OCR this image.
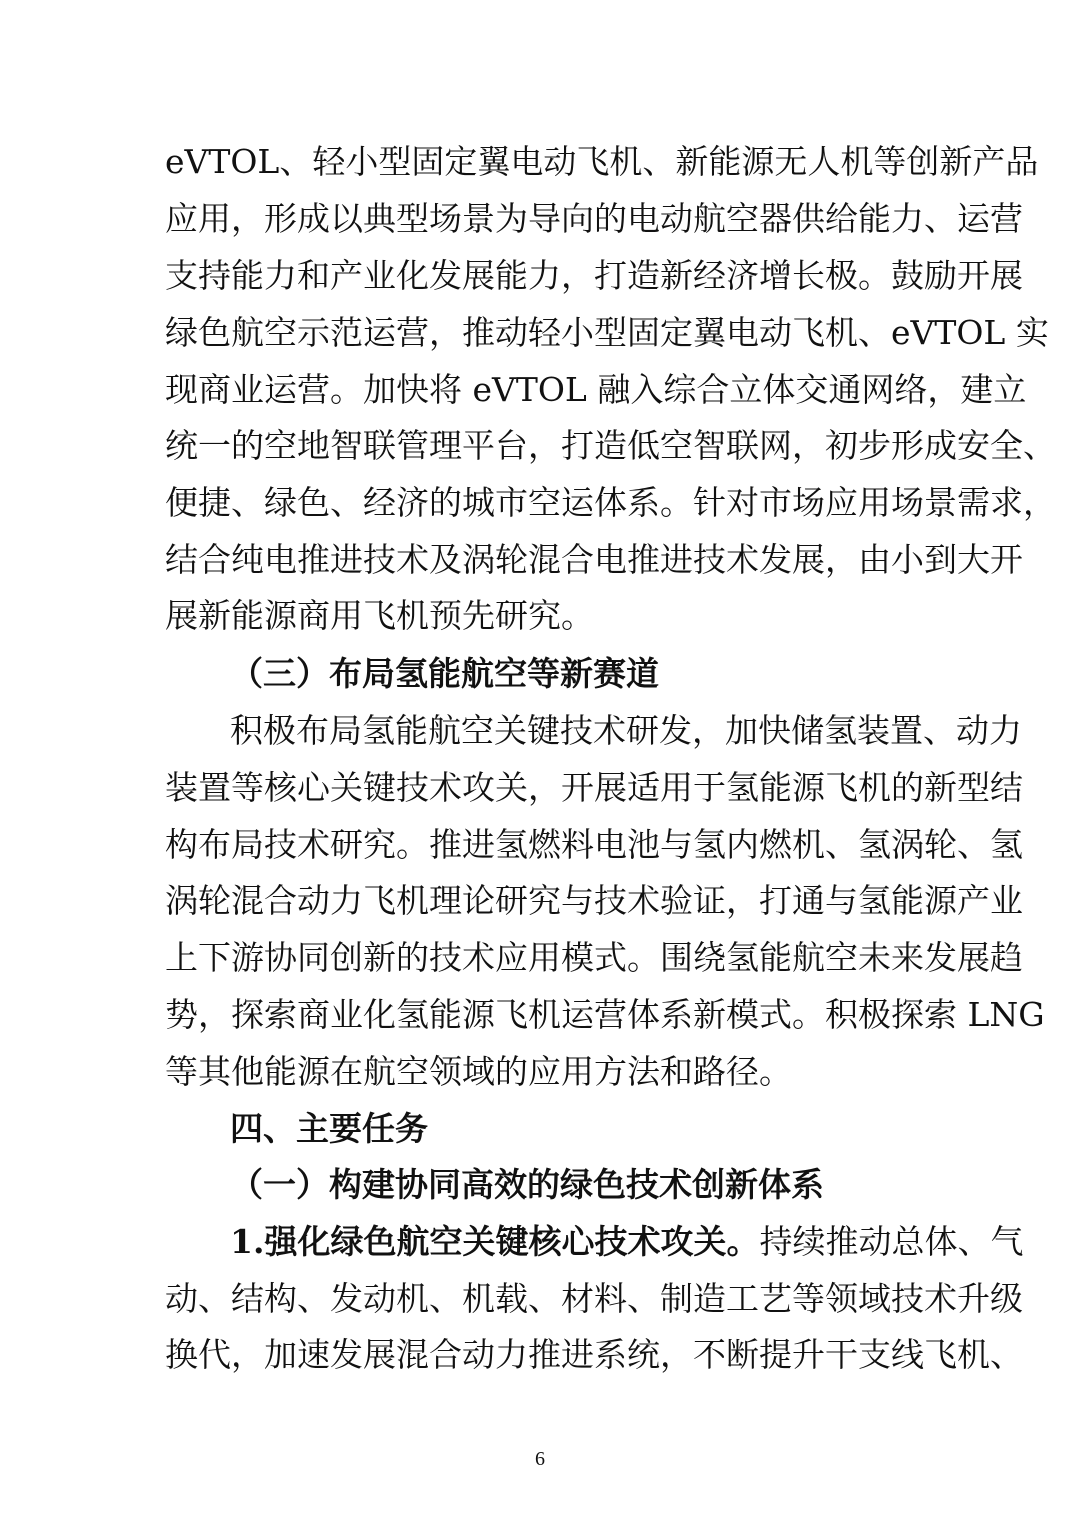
eVTOL、轻小型固定翼电动飞机、新能源无人机等创新产品
应用，形成以典型场景为导向的电动航空器供给能力、运营
支持能力和产业化发展能力，打造新经济增长极。鼓励开展
绿色航空示范运营，推动轻小型固定翼电动飞机、eVTOL 实
现商业运营。加快将 eVTOL 融入综合立体交通网络，建立
统一的空地智联管理平台，打造低空智联网，初步形成安全、
便捷、绿色、经济的城市空运体系。针对市场应用场景需求，
结合纯电推进技术及涡轮混合电推进技术发展，由小到大开
展新能源商用飞机预先研究。
（三）布局氢能航空等新赛道
积极布局氢能航空关键技术研发，加快储氢装置、动力
装置等核心关键技术攻关，开展适用于氢能源飞机的新型结
构布局技术研究。推进氢燃料电池与氢内燃机、氢涡轮、氢
涡轮混合动力飞机理论研究与技术验证，打通与氢能源产业
上下游协同创新的技术应用模式。围绕氢能航空未来发展趋
势，探索商业化氢能源飞机运营体系新模式。积极探索 LNG
等其他能源在航空领域的应用方法和路径。
四、主要任务
（一）构建协同高效的绿色技术创新体系
1.强化绿色航空关键核心技术攻关。持续推动总体、气
动、结构、发动机、机载、材料、制造工艺等领域技术升级
换代，加速发展混合动力推进系统，不断提升干支线飞机、
6
